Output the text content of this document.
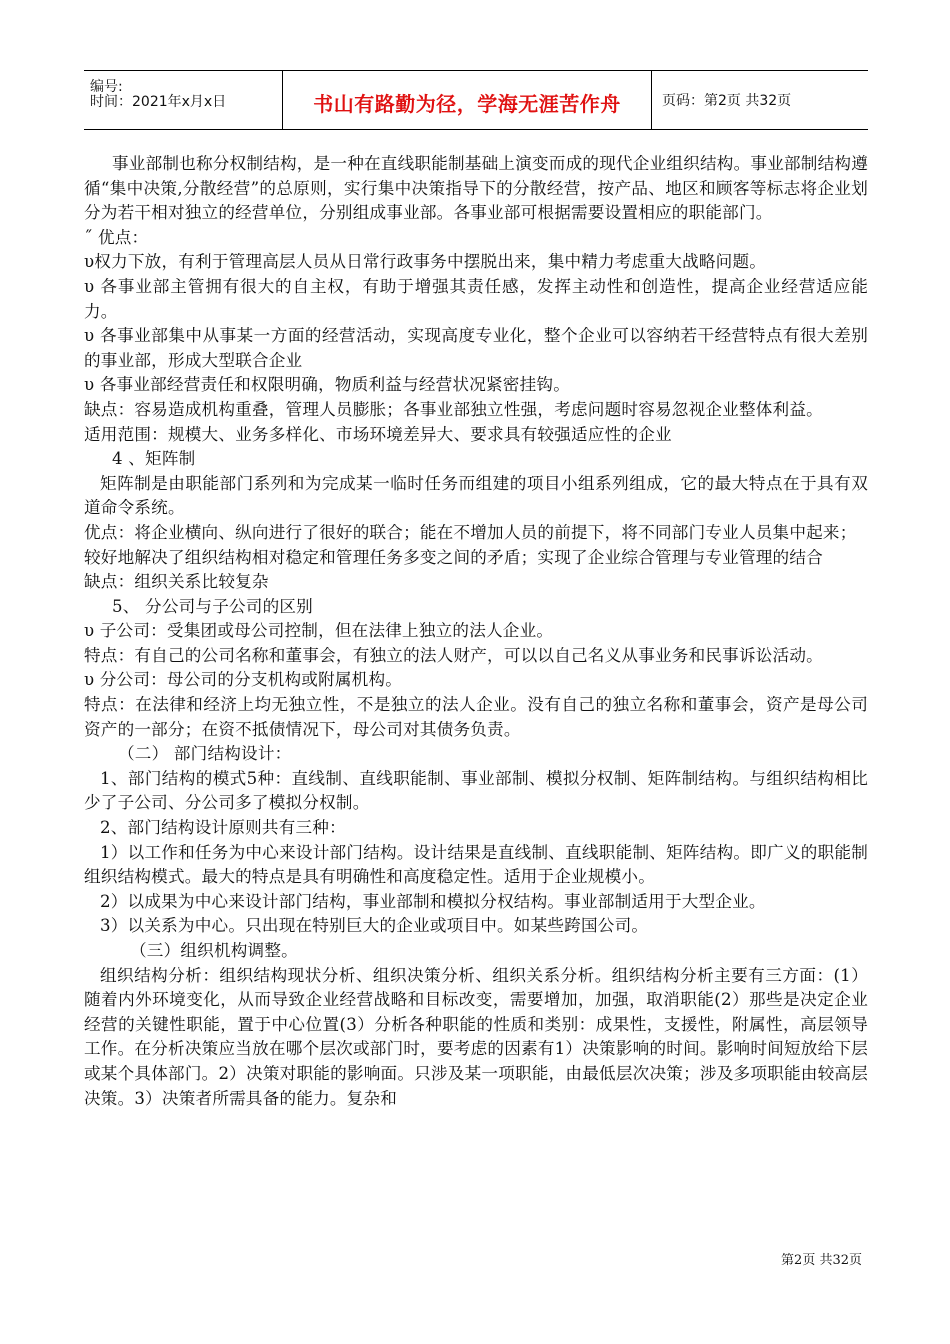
编号:
时间：2021年x月x日	书山有路勤为径，学海无涯苦作舟	页码：第2页 共32页

事业部制也称分权制结构，是一种在直线职能制基础上演变而成的现代企业组织结构。事业部制结构遵循“集中决策,分散经营”的总原则，实行集中决策指导下的分散经营，按产品、地区和顾客等标志将企业划分为若干相对独立的经营单位，分别组成事业部。各事业部可根据需要设置相应的职能部门。

˝ 优点：

υ权力下放，有利于管理高层人员从日常行政事务中摆脱出来，集中精力考虑重大战略问题。

υ 各事业部主管拥有很大的自主权，有助于增强其责任感，发挥主动性和创造性，提高企业经营适应能力。

υ 各事业部集中从事某一方面的经营活动，实现高度专业化，整个企业可以容纳若干经营特点有很大差别的事业部，形成大型联合企业

υ 各事业部经营责任和权限明确，物质利益与经营状况紧密挂钩。

缺点：容易造成机构重叠，管理人员膨胀；各事业部独立性强，考虑问题时容易忽视企业整体利益。

适用范围：规模大、业务多样化、市场环境差异大、要求具有较强适应性的企业

4 、矩阵制

矩阵制是由职能部门系列和为完成某一临时任务而组建的项目小组系列组成，它的最大特点在于具有双道命令系统。

优点：将企业横向、纵向进行了很好的联合；能在不增加人员的前提下，将不同部门专业人员集中起来；

较好地解决了组织结构相对稳定和管理任务多变之间的矛盾；实现了企业综合管理与专业管理的结合

缺点：组织关系比较复杂

5、 分公司与子公司的区别

υ 子公司：受集团或母公司控制，但在法律上独立的法人企业。

特点：有自己的公司名称和董事会，有独立的法人财产，可以以自己名义从事业务和民事诉讼活动。

υ 分公司：母公司的分支机构或附属机构。

特点：在法律和经济上均无独立性，不是独立的法人企业。没有自己的独立名称和董事会，资产是母公司资产的一部分；在资不抵债情况下，母公司对其债务负责。

（二） 部门结构设计：

1、部门结构的模式5种：直线制、直线职能制、事业部制、模拟分权制、矩阵制结构。与组织结构相比少了子公司、分公司多了模拟分权制。

2、部门结构设计原则共有三种：

1）以工作和任务为中心来设计部门结构。设计结果是直线制、直线职能制、矩阵结构。即广义的职能制组织结构模式。最大的特点是具有明确性和高度稳定性。适用于企业规模小。

2）以成果为中心来设计部门结构，事业部制和模拟分权结构。事业部制适用于大型企业。

3）以关系为中心。只出现在特别巨大的企业或项目中。如某些跨国公司。

（三）组织机构调整。

组织结构分析：组织结构现状分析、组织决策分析、组织关系分析。组织结构分析主要有三方面：(1）随着内外环境变化，从而导致企业经营战略和目标改变，需要增加，加强，取消职能(2）那些是决定企业经营的关键性职能，置于中心位置(3）分析各种职能的性质和类别：成果性，支援性，附属性，高层领导工作。在分析决策应当放在哪个层次或部门时，要考虑的因素有1）决策影响的时间。影响时间短放给下层或某个具体部门。2）决策对职能的影响面。只涉及某一项职能，由最低层次决策；涉及多项职能由较高层决策。3）决策者所需具备的能力。复杂和

第2页 共32页
